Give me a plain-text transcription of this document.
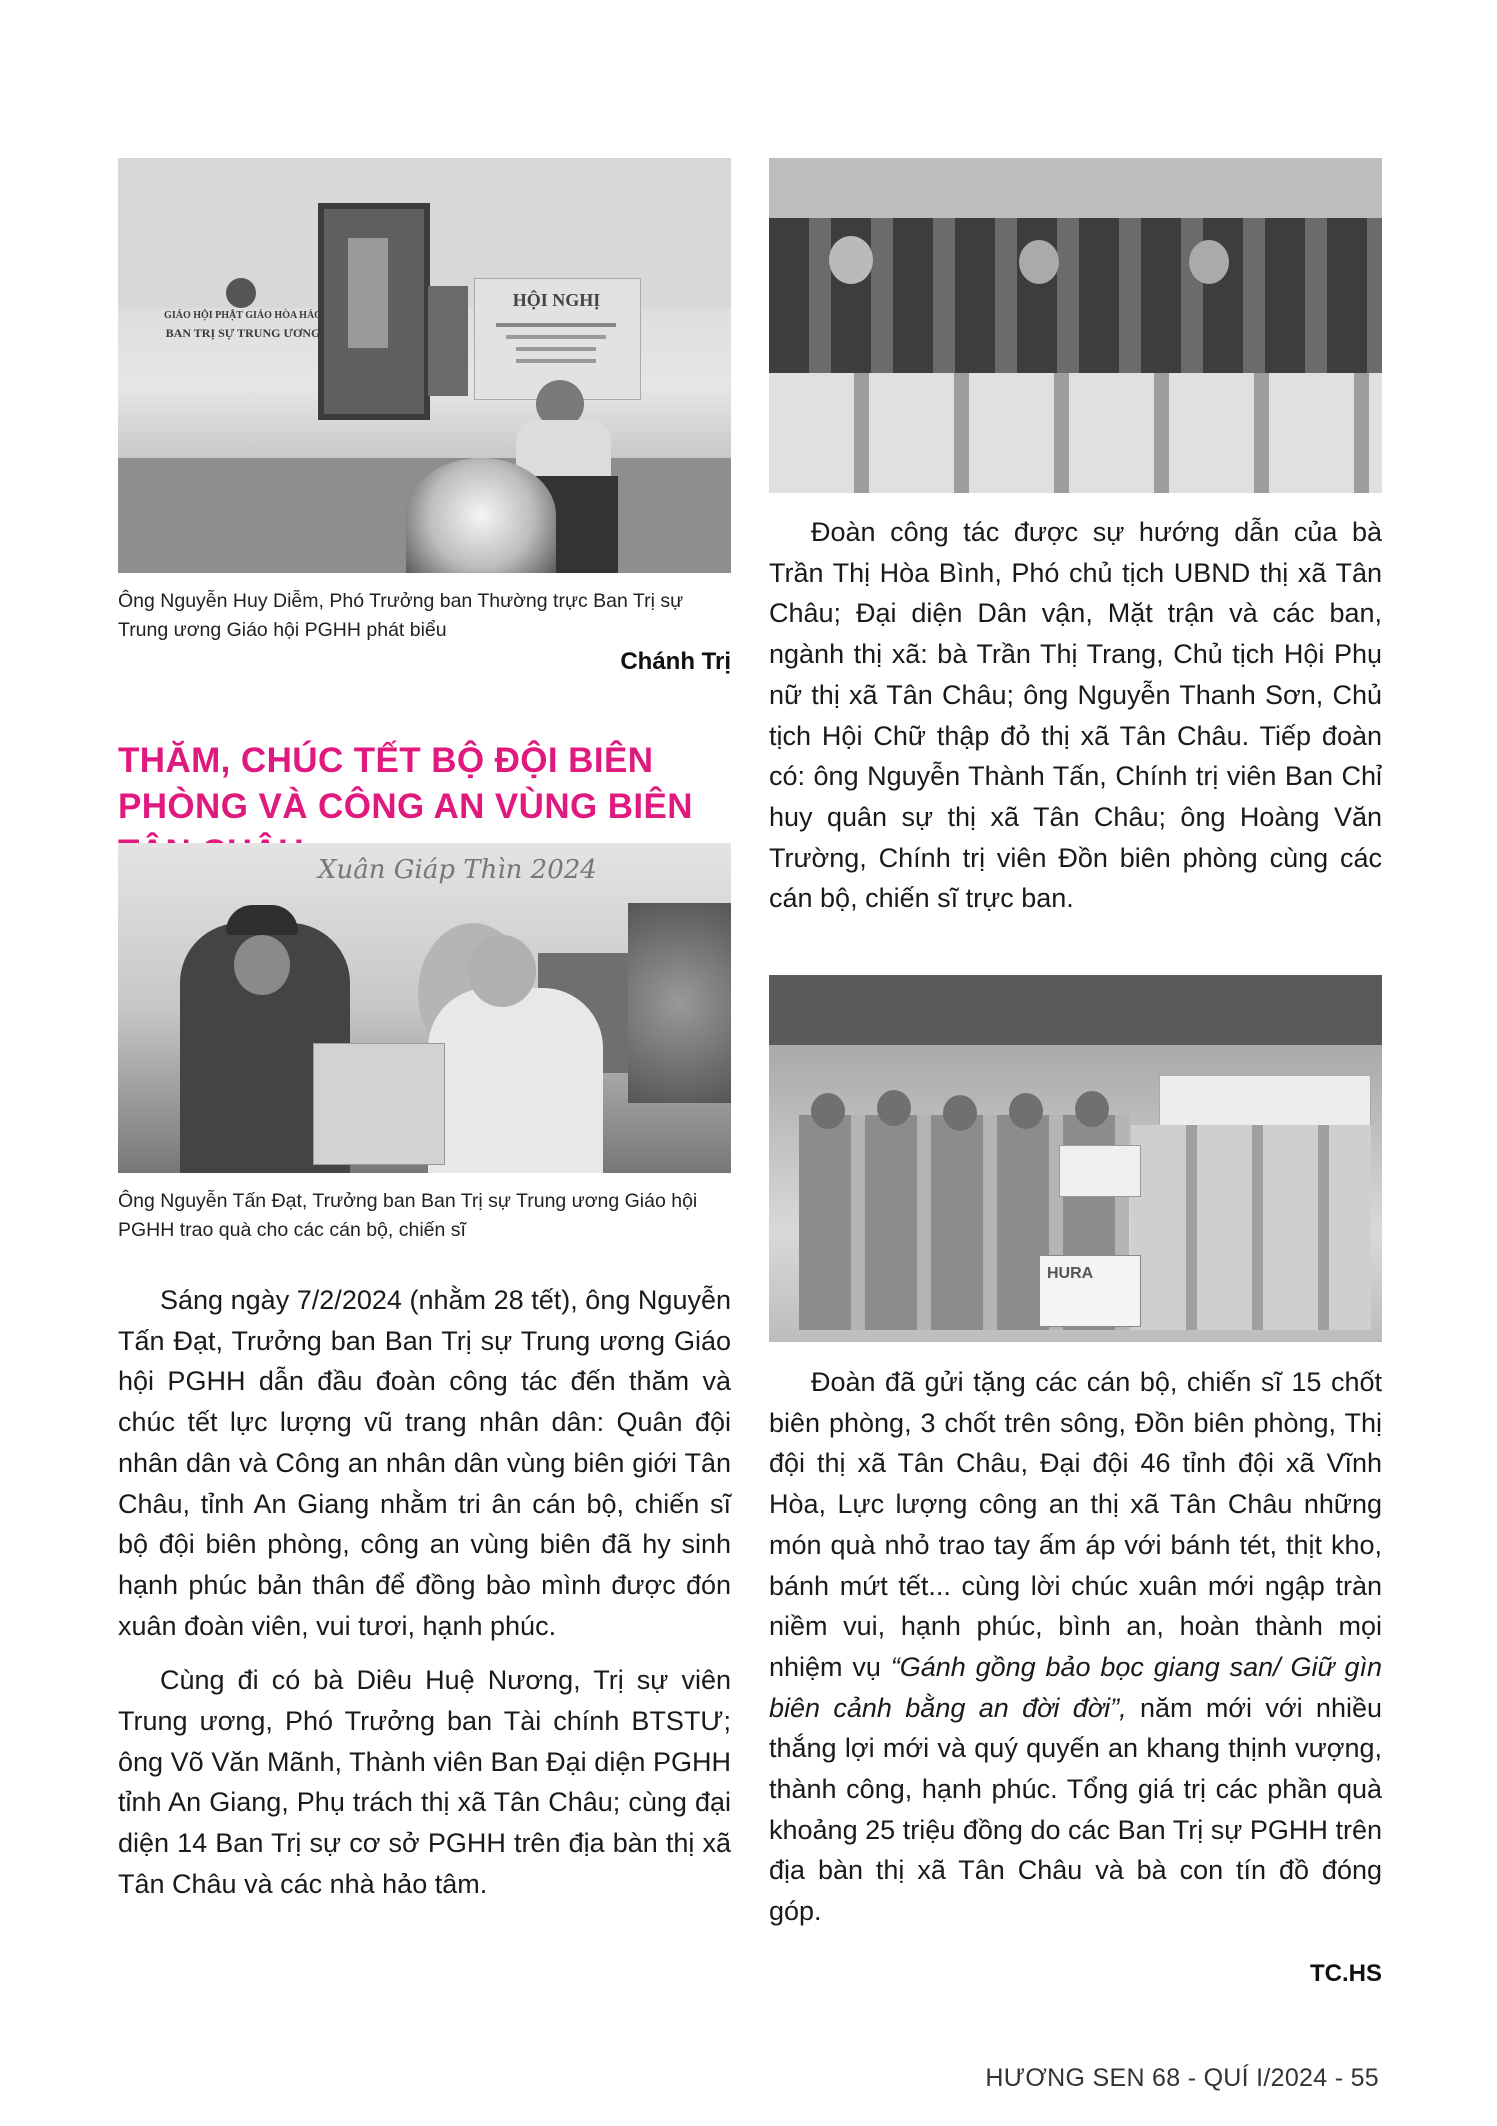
GIÁO HỘI PHẬT GIÁO HÒA HẢO
BAN TRỊ SỰ TRUNG ƯƠNG
HỘI NGHỊ
Ông Nguyễn Huy Diễm, Phó Trưởng ban Thường trực Ban Trị sự Trung ương Giáo hội PGHH phát biểu
Chánh Trị
THĂM, CHÚC TẾT BỘ ĐỘI BIÊN PHÒNG VÀ CÔNG AN VÙNG BIÊN
Xuân Giáp Thìn 2024
Ông Nguyễn Tấn Đạt, Trưởng ban Ban Trị sự Trung ương Giáo hội PGHH trao quà cho các cán bộ, chiến sĩ

Sáng ngày 7/2/2024 (nhằm 28 tết), ông Nguyễn Tấn Đạt, Trưởng ban Ban Trị sự Trung ương Giáo hội PGHH dẫn đầu đoàn công tác đến thăm và chúc tết lực lượng vũ trang nhân dân: Quân đội nhân dân và Công an nhân dân vùng biên giới Tân Châu, tỉnh An Giang nhằm tri ân cán bộ, chiến sĩ bộ đội biên phòng, công an vùng biên đã hy sinh hạnh phúc bản thân để đồng bào mình được đón xuân đoàn viên, vui tươi, hạnh phúc.

Cùng đi có bà Diêu Huệ Nương, Trị sự viên Trung ương, Phó Trưởng ban Tài chính BTSTƯ; ông Võ Văn Mãnh, Thành viên Ban Đại diện PGHH tỉnh An Giang, Phụ trách thị xã Tân Châu; cùng đại diện 14 Ban Trị sự cơ sở PGHH trên địa bàn thị xã Tân Châu và các nhà hảo tâm.

Đoàn công tác được sự hướng dẫn của bà Trần Thị Hòa Bình, Phó chủ tịch UBND thị xã Tân Châu; Đại diện Dân vận, Mặt trận và các ban, ngành thị xã: bà Trần Thị Trang, Chủ tịch Hội Phụ nữ thị xã Tân Châu; ông Nguyễn Thanh Sơn, Chủ tịch Hội Chữ thập đỏ thị xã Tân Châu. Tiếp đoàn có: ông Nguyễn Thành Tấn, Chính trị viên Ban Chỉ huy quân sự thị xã Tân Châu; ông Hoàng Văn Trường, Chính trị viên Đồn biên phòng cùng các cán bộ, chiến sĩ trực ban.

HURA

Đoàn đã gửi tặng các cán bộ, chiến sĩ 15 chốt biên phòng, 3 chốt trên sông, Đồn biên phòng, Thị đội thị xã Tân Châu, Đại đội 46 tỉnh đội xã Vĩnh Hòa, Lực lượng công an thị xã Tân Châu những món quà nhỏ trao tay ấm áp với bánh tét, thịt kho, bánh mứt tết... cùng lời chúc xuân mới ngập tràn niềm vui, hạnh phúc, bình an, hoàn thành mọi nhiệm vụ “Gánh gồng bảo bọc giang san/ Giữ gìn biên cảnh bằng an đời đời”, năm mới với nhiều thắng lợi mới và quý quyến an khang thịnh vượng, thành công, hạnh phúc. Tổng giá trị các phần quà khoảng 25 triệu đồng do các Ban Trị sự PGHH trên địa bàn thị xã Tân Châu và bà con tín đồ đóng góp.

TC.HS
HƯƠNG SEN 68 - QUÍ I/2024 - 55
